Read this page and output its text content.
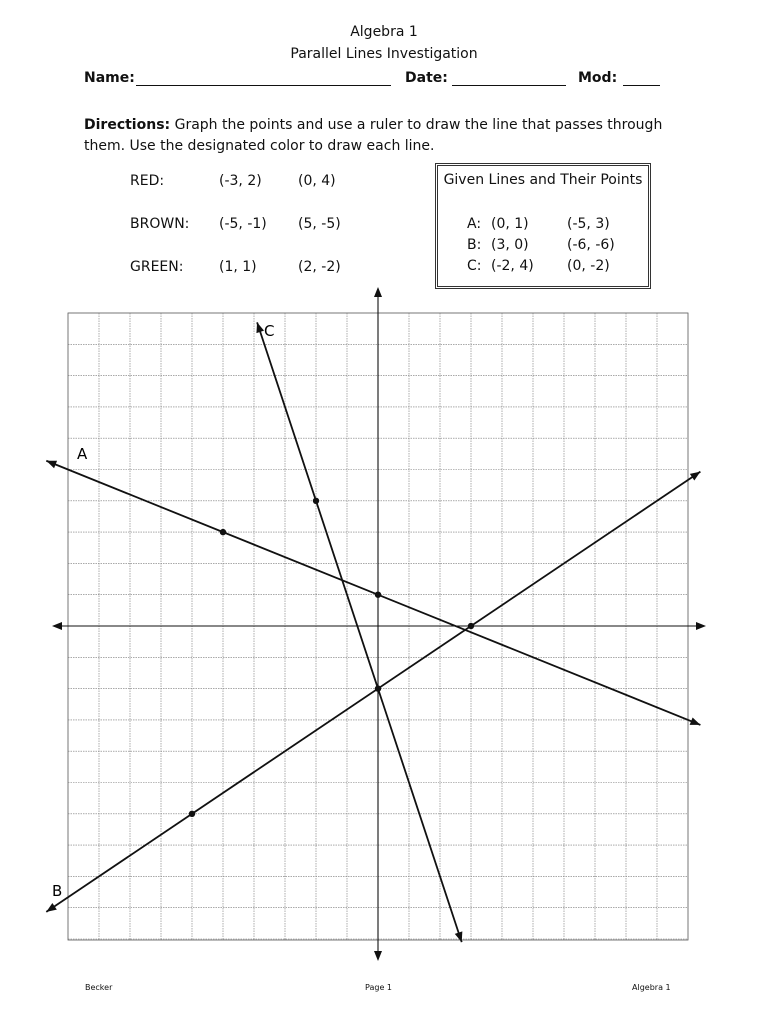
Algebra 1
Parallel Lines Investigation
Name:	Date:	Mod:
Directions: Graph the points and use a ruler to draw the line that passes through them. Use the designated color to draw each line.
RED:	(-3, 2)	(0, 4)
BROWN: (-5, -1) (5, -5)
GREEN:	(1, 1)	(2, -2)
Given Lines and Their Points
A: (0, 1)	(-5, 3)
B: (3, 0)	(-6, -6)
C: (-2, 4) (0, -2)
A
B
C
Becker	Page 1	Algebra 1
